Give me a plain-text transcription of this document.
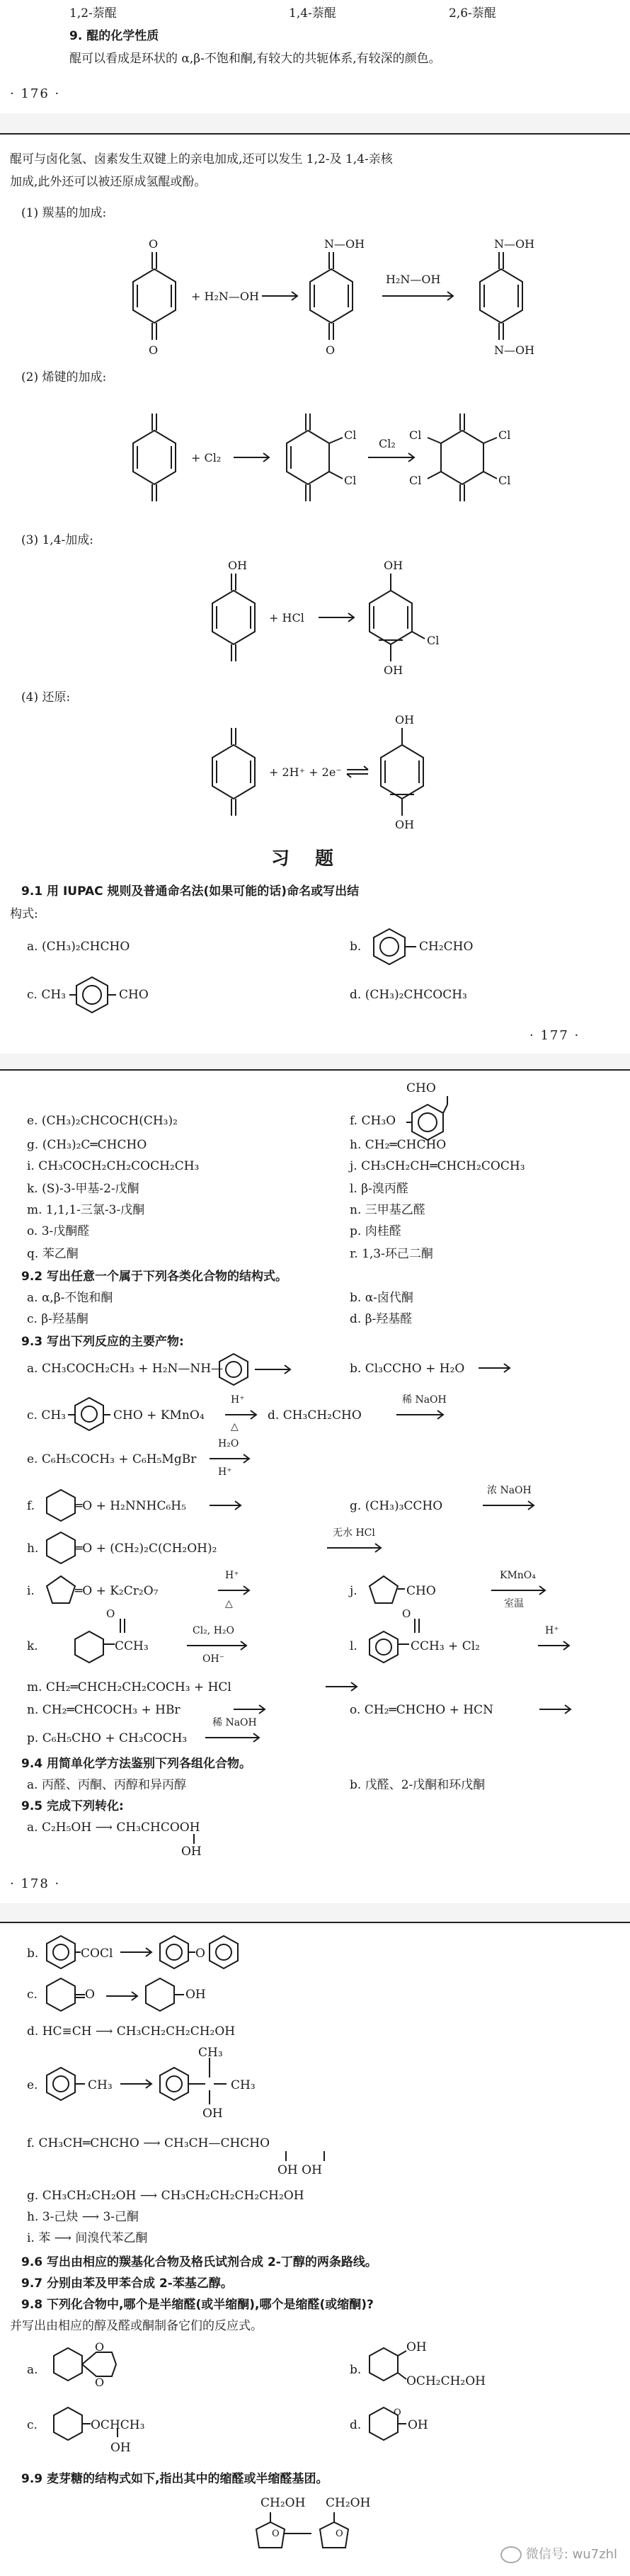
1,2-萘醌	1,4-萘醌	2,6-萘醌
9. 醌的化学性质
醌可以看成是环状的 α,β-不饱和酮,有较大的共轭体系,有较深的颜色。
· 176 ·
醌可与卤化氢、卤素发生双键上的亲电加成,还可以发生 1,2-及 1,4-亲核
加成,此外还可以被还原成氢醌或酚。
(1) 羰基的加成:
O
O
+ H₂N—OH
N—OH
O
H₂N—OH
N—OH
N—OH
(2) 烯键的加成:
+ Cl₂
Cl
Cl
Cl₂
Cl
Cl
Cl
Cl
(3) 1,4-加成:
OH
+ HCl
OH
OH
Cl
(4) 还原:
+ 2H⁺ + 2e⁻
OH
OH
习题
9.1 用 IUPAC 规则及普通命名法(如果可能的话)命名或写出结
构式:
a. (CH₃)₂CHCHO	b.	CH₂CHO
c. CH₃	CHO	d. (CH₃)₂CHCOCH₃
· 177 ·
CHO
e. (CH₃)₂CHCOCH(CH₃)₂	f. CH₃O
g. (CH₃)₂C═CHCHO	h. CH₂═CHCHO
i. CH₃COCH₂CH₂COCH₂CH₃	j. CH₃CH₂CH═CHCH₂COCH₃
k. (S)-3-甲基-2-戊酮	l. β-溴丙醛
m. 1,1,1-三氯-3-戊酮	n. 三甲基乙醛
o. 3-戊酮醛	p. 肉桂醛
q. 苯乙酮	r. 1,3-环己二酮
9.2 写出任意一个属于下列各类化合物的结构式。
a. α,β-不饱和酮	b. α-卤代酮
c. β-羟基酮	d. β-羟基醛
9.3 写出下列反应的主要产物:
a. CH₃COCH₂CH₃ + H₂N—NH—	b. Cl₃CCHO + H₂O
c. CH₃	CHO + KMnO₄
H⁺
△
d. CH₃CH₂CHO
稀 NaOH
e. C₆H₅COCH₃ + C₆H₅MgBr
H₂O
H⁺
f.	═O + H₂NNHC₆H₅	g. (CH₃)₃CCHO
浓 NaOH
h.	═O + (CH₂)₂C(CH₂OH)₂
无水 HCl
i.	═O + K₂Cr₂O₇
H⁺
△
j.	CHO
KMnO₄
室温
O
k.	CCH₃
Cl₂, H₂O
OH⁻
l.
O
CCH₃ + Cl₂
H⁺
m. CH₂═CHCH₂CH₂COCH₃ + HCl
n. CH₂═CHCOCH₃ + HBr	o. CH₂═CHCHO + HCN
p. C₆H₅CHO + CH₃COCH₃
稀 NaOH
9.4 用简单化学方法鉴别下列各组化合物。
a. 丙醛、丙酮、丙醇和异丙醇	b. 戊醛、2-戊酮和环戊酮
9.5 完成下列转化:
a. C₂H₅OH ⟶ CH₃CHCOOH
OH
· 178 ·
b.	COCl	O
c.	O	OH
d. HC≡CH ⟶ CH₃CH₂CH₂CH₂OH
e.	CH₃
CH₃
CH₃
OH
f. CH₃CH═CHCHO ⟶ CH₃CH—CHCHO
OH OH
g. CH₃CH₂CH₂OH ⟶ CH₃CH₂CH₂CH₂CH₂OH
h. 3-己炔 ⟶ 3-己酮
i. 苯 ⟶ 间溴代苯乙酮
9.6 写出由相应的羰基化合物及格氏试剂合成 2-丁醇的两条路线。
9.7 分别由苯及甲苯合成 2-苯基乙醇。
9.8 下列化合物中,哪个是半缩醛(或半缩酮),哪个是缩醛(或缩酮)?
并写出由相应的醇及醛或酮制备它们的反应式。
a.
O
O
b.
OH
OCH₂CH₂OH
c.	OCHCH₃
OH
d.
O
OH
9.9 麦芽糖的结构式如下,指出其中的缩醛或半缩醛基团。
CH₂OH CH₂OH
O	O
微信号: wu7zhl
